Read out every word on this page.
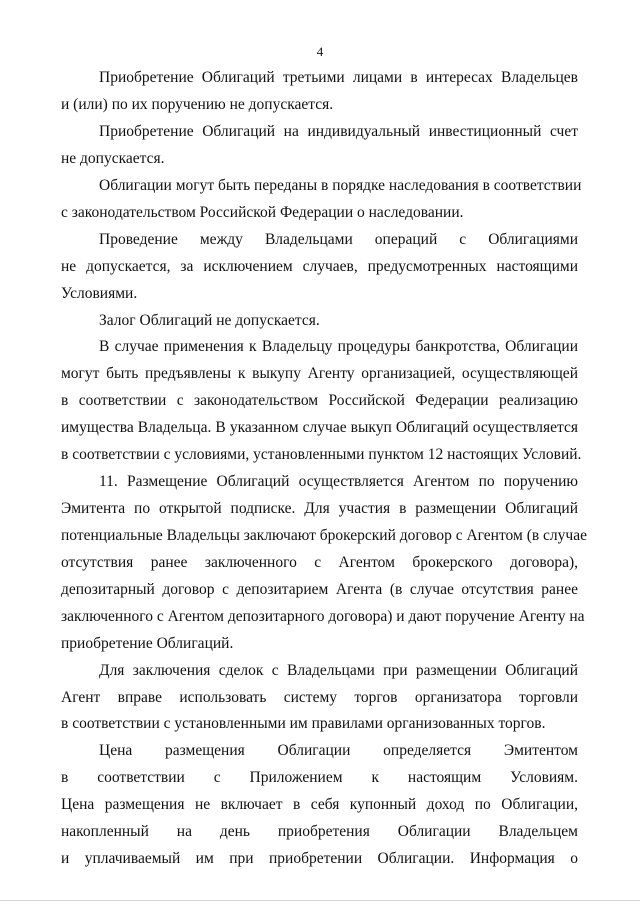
4
Приобретение Облигаций третьими лицами в интересах Владельцев
и (или) по их поручению не допускается.
Приобретение Облигаций на индивидуальный инвестиционный счет
не допускается.
Облигации могут быть переданы в порядке наследования в соответствии
с законодательством Российской Федерации о наследовании.
Проведение между Владельцами операций с Облигациями
не допускается, за исключением случаев, предусмотренных настоящими
Условиями.
Залог Облигаций не допускается.
В случае применения к Владельцу процедуры банкротства, Облигации
могут быть предъявлены к выкупу Агенту организацией, осуществляющей
в соответствии с законодательством Российской Федерации реализацию
имущества Владельца. В указанном случае выкуп Облигаций осуществляется
в соответствии с условиями, установленными пунктом 12 настоящих Условий.
11. Размещение Облигаций осуществляется Агентом по поручению
Эмитента по открытой подписке. Для участия в размещении Облигаций
потенциальные Владельцы заключают брокерский договор с Агентом (в случае
отсутствия ранее заключенного с Агентом брокерского договора),
депозитарный договор с депозитарием Агента (в случае отсутствия ранее
заключенного с Агентом депозитарного договора) и дают поручение Агенту на
приобретение Облигаций.
Для заключения сделок с Владельцами при размещении Облигаций
Агент вправе использовать систему торгов организатора торговли
в соответствии с установленными им правилами организованных торгов.
Цена размещения Облигации определяется Эмитентом
в соответствии с Приложением к настоящим Условиям.
Цена размещения не включает в себя купонный доход по Облигации,
накопленный на день приобретения Облигации Владельцем
и уплачиваемый им при приобретении Облигации. Информация о
